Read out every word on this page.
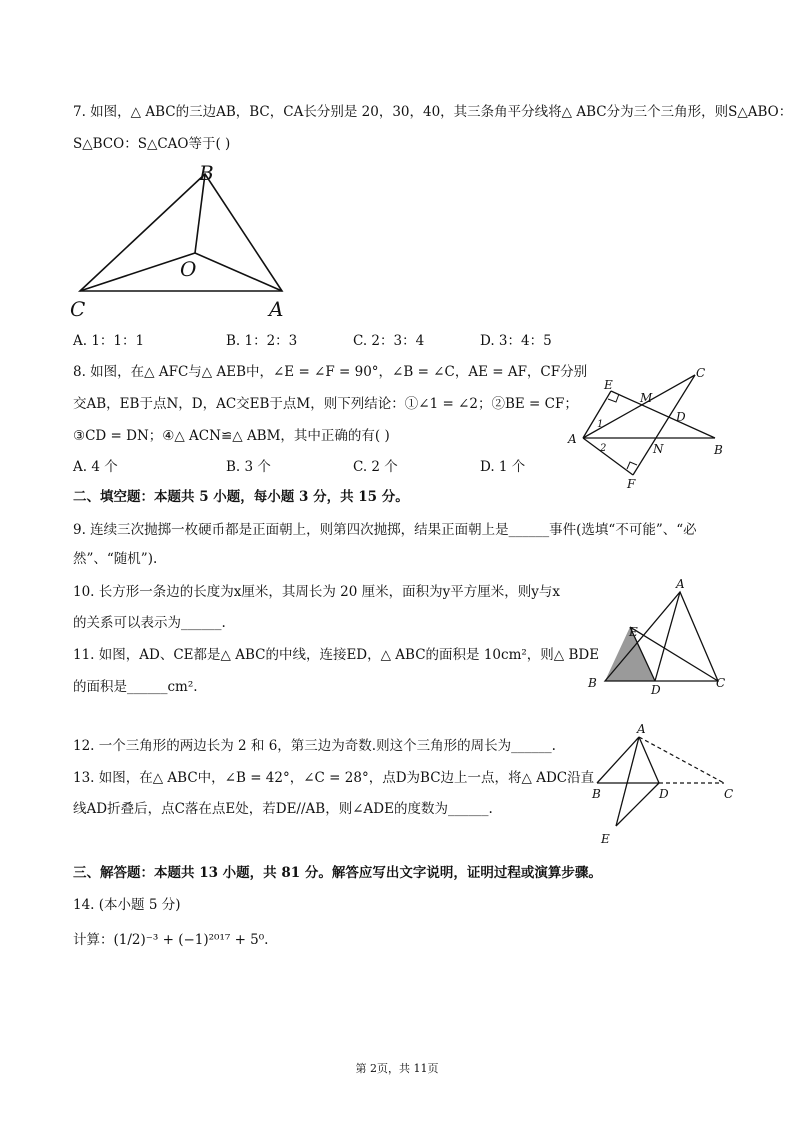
7. 如图，△ ABC的三边AB，BC，CA长分别是 20，30，40，其三条角平分线将△ ABC分为三个三角形，则S△ABO：
S△BCO：S△CAO等于( )
B
O
C	A
A. 1：1：1	B. 1：2：3	C. 2：3：4	D. 3：4：5
8. 如图，在△ AFC与△ AEB中，∠E = ∠F = 90°，∠B = ∠C，AE = AF，CF分别
交AB，EB于点N，D，AC交EB于点M，则下列结论：①∠1 = ∠2；②BE = CF；
③CD = DN；④△ ACN≌△ ABM，其中正确的有( )
A. 4 个	B. 3 个	C. 2 个	D. 1 个
E
M
C
D
A
1
2	N	B
F
二、填空题：本题共 5 小题，每小题 3 分，共 15 分。
9. 连续三次抛掷一枚硬币都是正面朝上，则第四次抛掷，结果正面朝上是______事件(选填“不可能”、“必
然”、“随机”).
10. 长方形一条边的长度为x厘米，其周长为 20 厘米，面积为y平方厘米，则y与x
的关系可以表示为______.
11. 如图，AD、CE都是△ ABC的中线，连接ED，△ ABC的面积是 10cm²，则△ BDE
的面积是______cm².
A
E
B	D	C
12. 一个三角形的两边长为 2 和 6，第三边为奇数.则这个三角形的周长为______.
13. 如图，在△ ABC中，∠B = 42°，∠C = 28°，点D为BC边上一点，将△ ADC沿直
线AD折叠后，点C落在点E处，若DE//AB，则∠ADE的度数为______.
A
B	D	C
E
三、解答题：本题共 13 小题，共 81 分。解答应写出文字说明，证明过程或演算步骤。
14. (本小题 5 分)
计算：(1/2)⁻³ + (−1)²⁰¹⁷ + 5⁰.
第 2页，共 11页
